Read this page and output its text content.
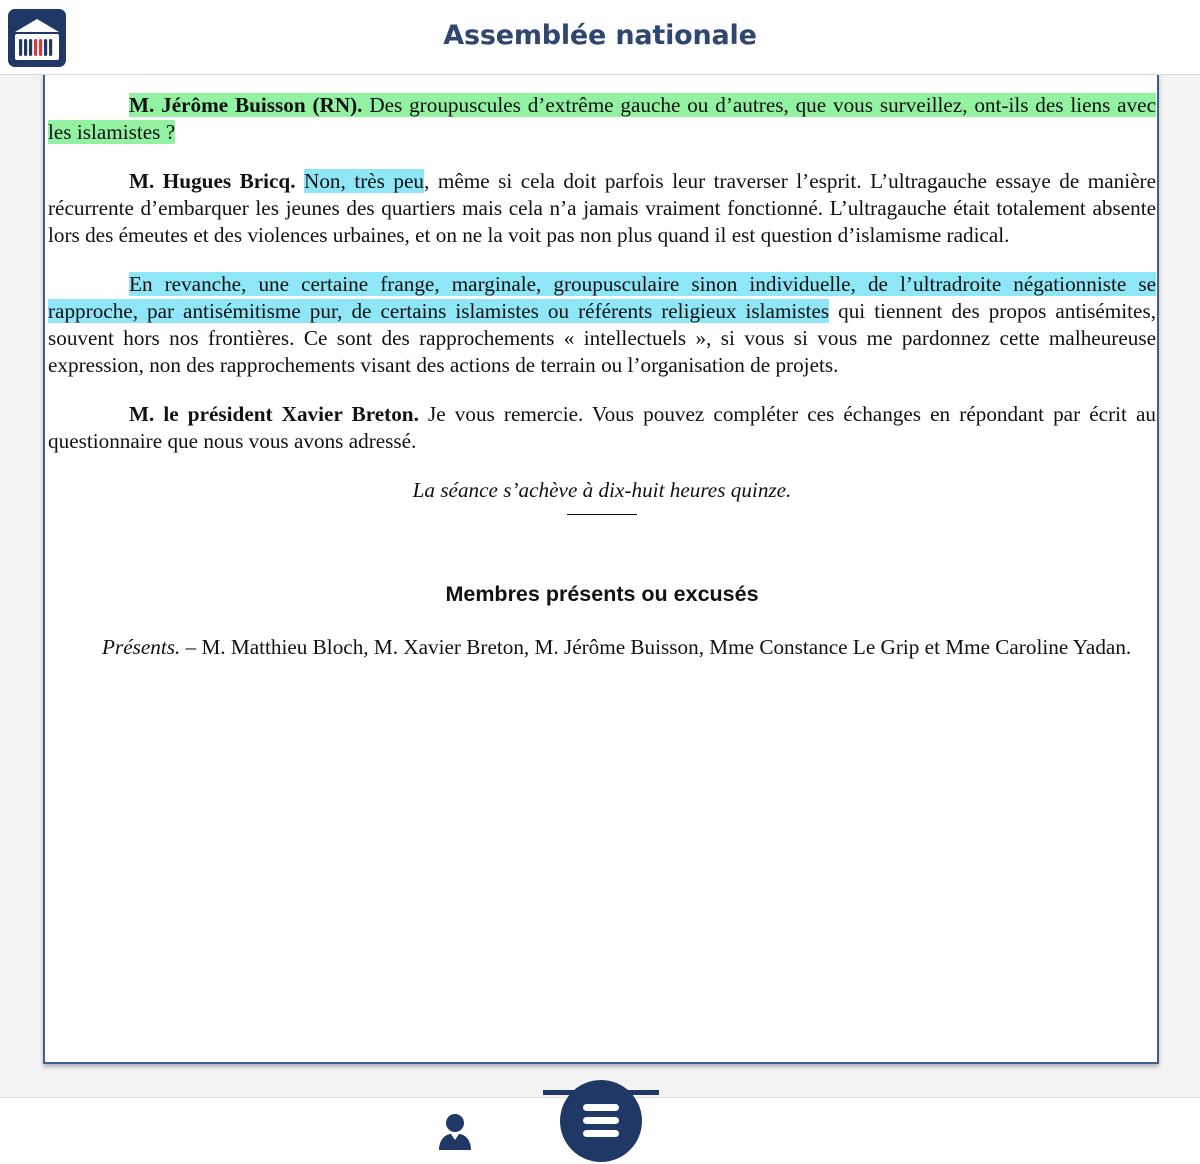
Assemblée nationale

M. Jérôme Buisson (RN). Des groupuscules d’extrême gauche ou d’autres, que vous surveillez, ont-ils des liens avec les islamistes ?

M. Hugues Bricq. Non, très peu, même si cela doit parfois leur traverser l’esprit. L’ultragauche essaye de manière récurrente d’embarquer les jeunes des quartiers mais cela n’a jamais vraiment fonctionné. L’ultragauche était totalement absente lors des émeutes et des violences urbaines, et on ne la voit pas non plus quand il est question d’islamisme radical.

En revanche, une certaine frange, marginale, groupusculaire sinon individuelle, de l’ultradroite négationniste se rapproche, par antisémitisme pur, de certains islamistes ou référents religieux islamistes qui tiennent des propos antisémites, souvent hors nos frontières. Ce sont des rapprochements « intellectuels », si vous si vous me pardonnez cette malheureuse expression, non des rapprochements visant des actions de terrain ou l’organisation de projets.

M. le président Xavier Breton. Je vous remercie. Vous pouvez compléter ces échanges en répondant par écrit au questionnaire que nous vous avons adressé.

La séance s’achève à dix-huit heures quinze.

Membres présents ou excusés

Présents. – M. Matthieu Bloch, M. Xavier Breton, M. Jérôme Buisson, Mme Constance Le Grip et Mme Caroline Yadan.
